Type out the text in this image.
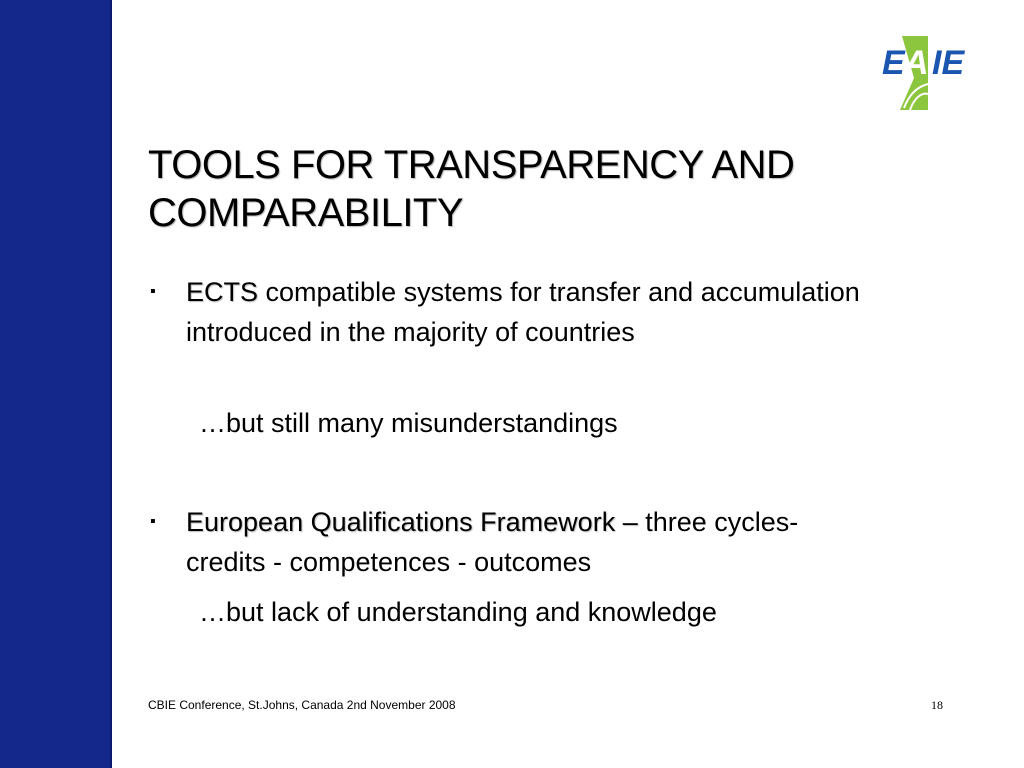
E A IE
TOOLS FOR TRANSPARENCY AND
COMPARABILITY
▪ ECTS compatible systems for transfer and accumulation introduced in the majority of countries
…but still many misunderstandings
▪ European Qualifications Framework – three cycles- credits - competences - outcomes
…but lack of understanding and knowledge
CBIE Conference, St.Johns, Canada 2nd November 2008	18
